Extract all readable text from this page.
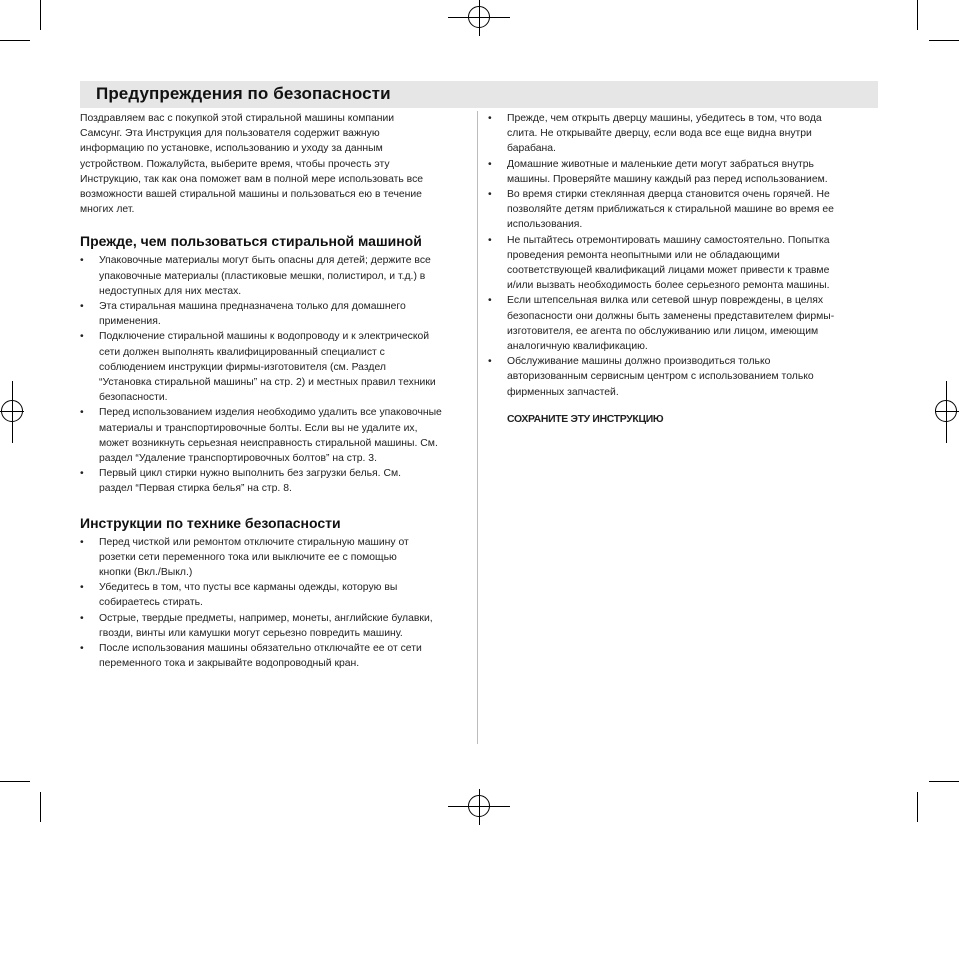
Предупреждения по безопасности

Поздравляем вас с покупкой этой стиральной машины компании
Самсунг. Эта Инструкция для пользователя содержит важную
информацию по установке, использованию и уходу за данным
устройством. Пожалуйста, выберите время, чтобы прочесть эту
Инструкцию, так как она поможет вам в полной мере использовать все
возможности вашей стиральной машины и пользоваться ею в течение
многих лет.

Прежде, чем пользоваться стиральной машиной
• Упаковочные материалы могут быть опасны для детей; держите все
упаковочные материалы (пластиковые мешки, полистирол, и т.д.) в
недоступных для них местах.
• Эта стиральная машина предназначена только для домашнего
применения.
• Подключение стиральной машины к водопроводу и к электрической
сети должен выполнять квалифицированный специалист с
соблюдением инструкции фирмы-изготовителя (см. Раздел
“Установка стиральной машины” на стр. 2) и местных правил техники
безопасности.
• Перед использованием изделия необходимо удалить все упаковочные
материалы и транспортировочные болты. Если вы не удалите их,
может возникнуть серьезная неисправность стиральной машины. См.
раздел “Удаление транспортировочных болтов” на стр. 3.
• Первый цикл стирки нужно выполнить без загрузки белья. См.
раздел “Первая стирка белья” на стр. 8.
Инструкции по технике безопасности
• Перед чисткой или ремонтом отключите стиральную машину от
розетки сети переменного тока или выключите ее с помощью
кнопки (Вкл./Выкл.)
• Убедитесь в том, что пусты все карманы одежды, которую вы
собираетесь стирать.
• Острые, твердые предметы, например, монеты, английские булавки,
гвозди, винты или камушки могут серьезно повредить машину.
• После использования машины обязательно отключайте ее от сети
переменного тока и закрывайте водопроводный кран.
• Прежде, чем открыть дверцу машины, убедитесь в том, что вода
слита. Не открывайте дверцу, если вода все еще видна внутри
барабана.
• Домашние животные и маленькие дети могут забраться внутрь
машины. Проверяйте машину каждый раз перед использованием.
• Во время стирки стеклянная дверца становится очень горячей. Не
позволяйте детям приближаться к стиральной машине во время ее
использования.
• Не пытайтесь отремонтировать машину самостоятельно. Попытка
проведения ремонта неопытными или не обладающими
соответствующей квалификаций лицами может привести к травме
и/или вызвать необходимость более серьезного ремонта машины.
• Если штепсельная вилка или сетевой шнур повреждены, в целях
безопасности они должны быть заменены представителем фирмы-
изготовителя, ее агента по обслуживанию или лицом, имеющим
аналогичную квалификацию.
• Обслуживание машины должно производиться только
авторизованным сервисным центром с использованием только
фирменных запчастей.
СОХРАНИТЕ ЭТУ ИНСТРУКЦИЮ
